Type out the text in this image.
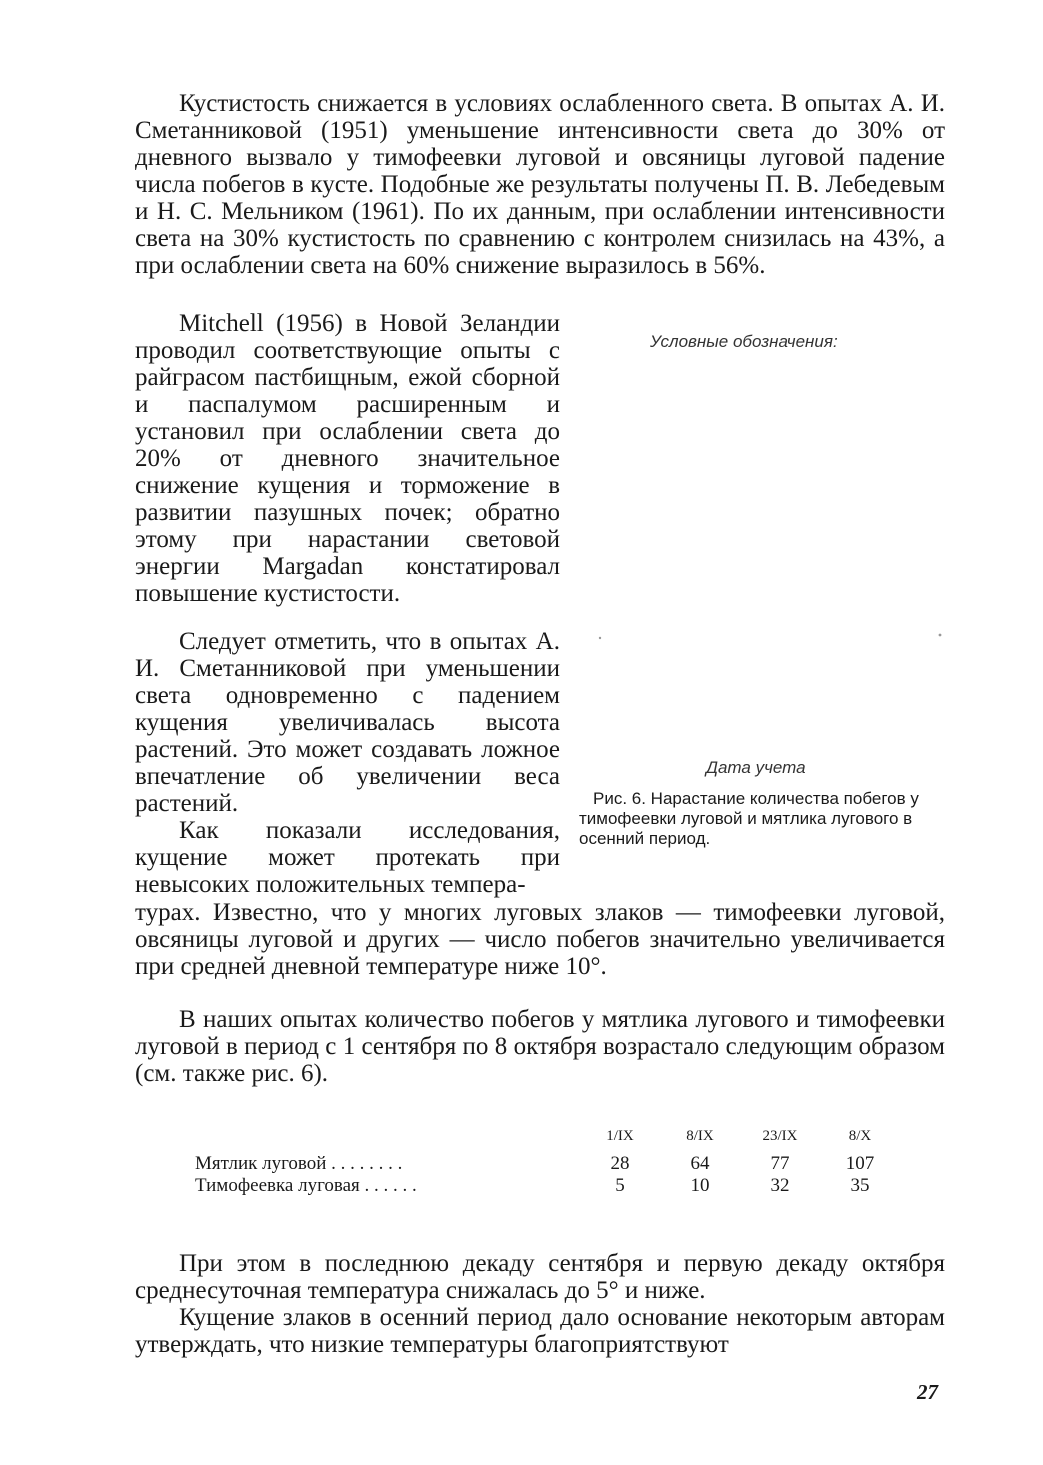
Кустистость снижается в условиях ослабленного света. В опытах А. И. Сметанниковой (1951) уменьшение интенсивности света до 30% от дневного вызвало у тимофеевки луговой и овсяницы луговой падение числа побегов в кусте. Подобные же результаты получены П. В. Лебедевым и Н. С. Мельником (1961). По их данным, при ослаблении интенсивности света на 30% кустистость по сравнению с контролем снизилась на 43%, а при ослаблении света на 60% снижение выразилось в 56%.

Mitchell (1956) в Новой Зеландии проводил соответствующие опыты с райграсом пастбищным, ежой сборной и паспалумом расширенным и установил при ослаблении света до 20% от дневного значительное снижение кущения и торможение в развитии пазушных почек; обратно этому при нарастании световой энергии Margadan констатировал повышение кустистости.

Следует отметить, что в опытах А. И. Сметанниковой при уменьшении света одновременно с падением кущения увеличивалась высота растений. Это может создавать ложное впечатление об увеличении веса растений.

Как показали исследования, кущение может протекать при невысоких положительных темпера-

Условные обозначения:
Дата учета
Рис. 6. Нарастание количества побегов у тимофеевки луговой и мятлика лугового в осенний период.

турах. Известно, что у многих луговых злаков — тимофеевки луговой, овсяницы луговой и других — число побегов значительно увеличивается при средней дневной температуре ниже 10°.

В наших опытах количество побегов у мятлика лугового и тимофеевки луговой в период с 1 сентября по 8 октября возрастало следующим образом (см. также рис. 6).

	1/IX	8/IX	23/IX	8/X
Мятлик луговой . . . . . . . .	28	64	77	107
Тимофеевка луговая . . . . . .	5	10	32	35

При этом в последнюю декаду сентября и первую декаду октября среднесуточная температура снижалась до 5° и ниже.

Кущение злаков в осенний период дало основание некоторым авторам утверждать, что низкие температуры благоприятствуют

27
